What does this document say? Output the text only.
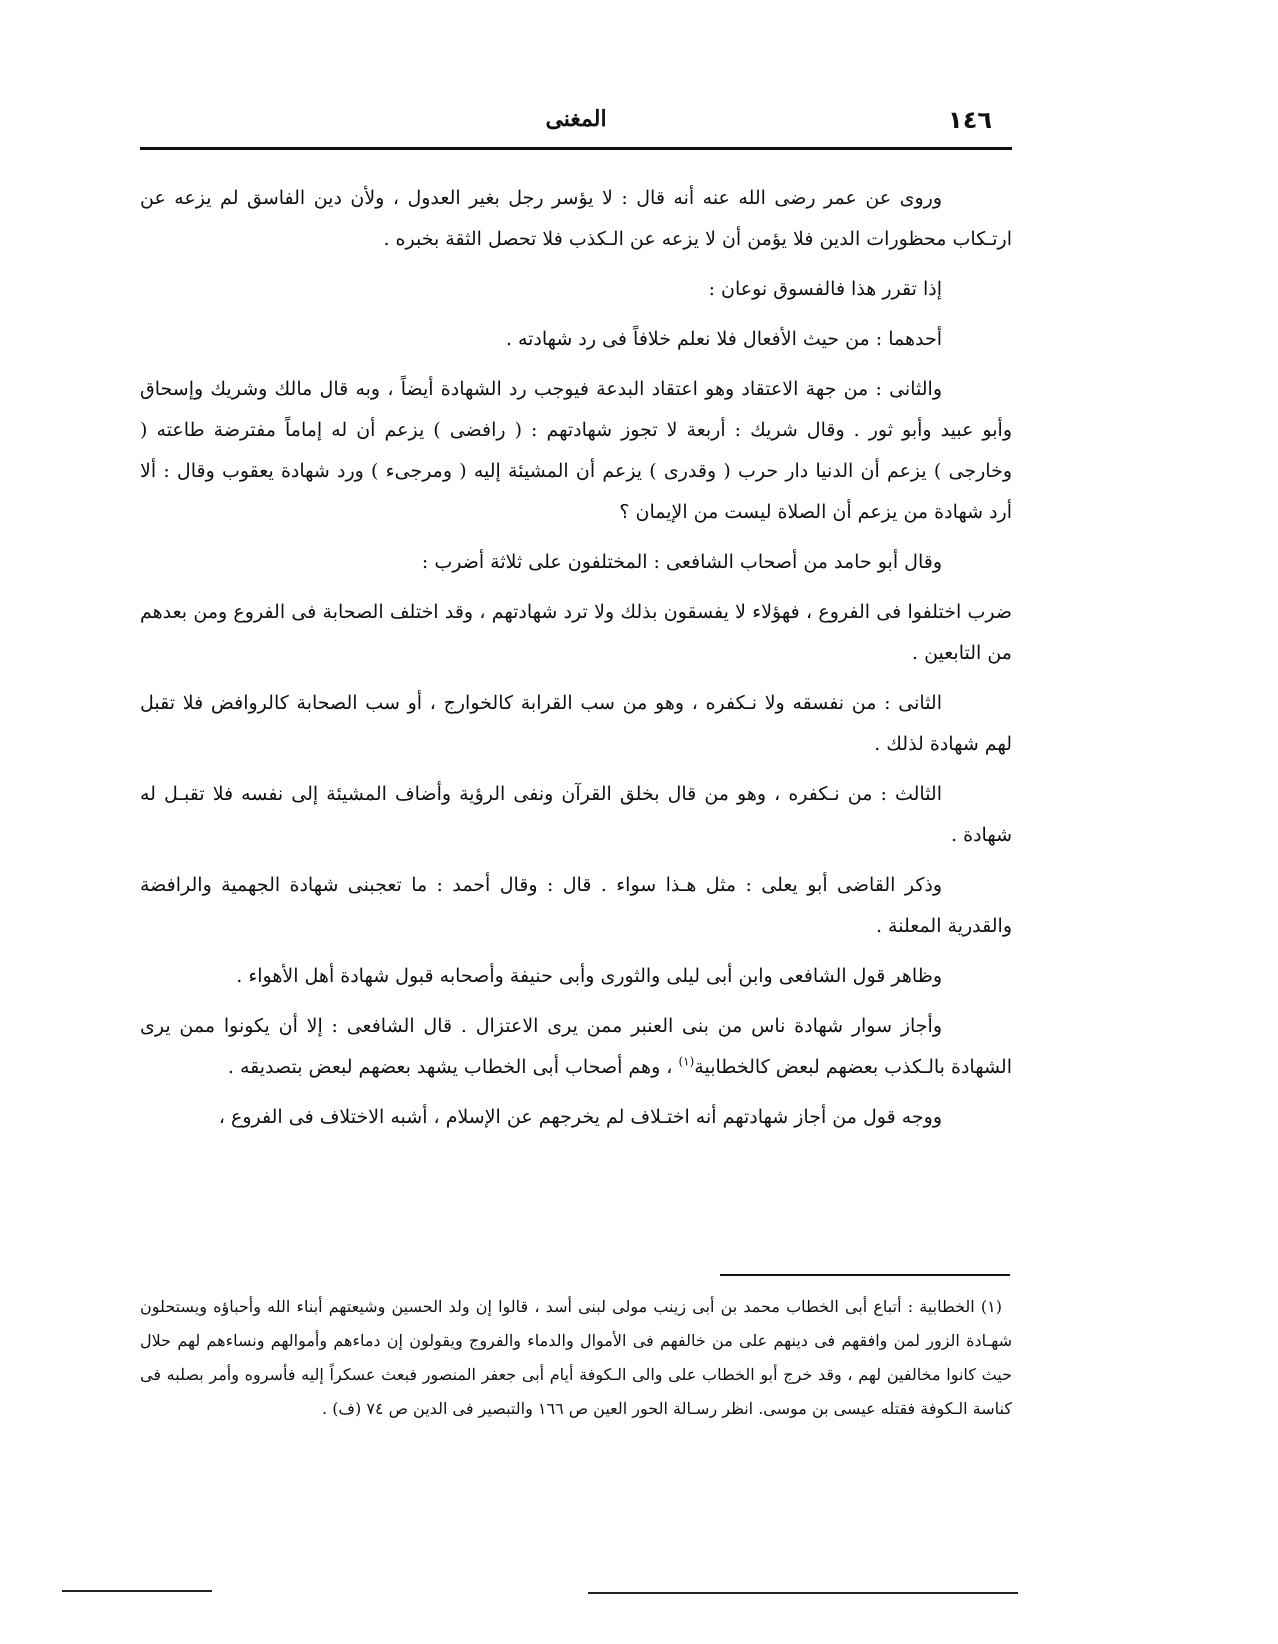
١٤٦
المغنى

وروى عن عمر رضى الله عنه أنه قال : لا يؤسر رجل بغير العدول ، ولأن دين الفاسق لم يزعه عن ارتـكاب محظورات الدين فلا يؤمن أن لا يزعه عن الـكذب فلا تحصل الثقة بخبره .

إذا تقرر هذا فالفسوق نوعان :

أحدهما : من حيث الأفعال فلا نعلم خلافاً فى رد شهادته .

والثانى : من جهة الاعتقاد وهو اعتقاد البدعة فيوجب رد الشهادة أيضاً ، وبه قال مالك وشريك وإسحاق وأبو عبيد وأبو ثور . وقال شريك : أربعة لا تجوز شهادتهم : ( رافضى ) يزعم أن له إماماً مفترضة طاعته ( وخارجى ) يزعم أن الدنيا دار حرب ( وقدرى ) يزعم أن المشيئة إليه ( ومرجىء ) ورد شهادة يعقوب وقال : ألا أرد شهادة من يزعم أن الصلاة ليست من الإيمان ؟

وقال أبو حامد من أصحاب الشافعى : المختلفون على ثلاثة أضرب :

ضرب اختلفوا فى الفروع ، فهؤلاء لا يفسقون بذلك ولا ترد شهادتهم ، وقد اختلف الصحابة فى الفروع ومن بعدهم من التابعين .

الثانى : من نفسقه ولا نـكفره ، وهو من سب القرابة كالخوارج ، أو سب الصحابة كالروافض فلا تقبل لهم شهادة لذلك .

الثالث : من نـكفره ، وهو من قال بخلق القرآن ونفى الرؤية وأضاف المشيئة إلى نفسه فلا تقبـل له شهادة .

وذكر القاضى أبو يعلى : مثل هـذا سواء . قال : وقال أحمد : ما تعجبنى شهادة الجهمية والرافضة والقدرية المعلنة .

وظاهر قول الشافعى وابن أبى ليلى والثورى وأبى حنيفة وأصحابه قبول شهادة أهل الأهواء .

وأجاز سوار شهادة ناس من بنى العنبر ممن يرى الاعتزال . قال الشافعى : إلا أن يكونوا ممن يرى الشهادة بالـكذب بعضهم لبعض كالخطابية$^{(١)}$ ، وهم أصحاب أبى الخطاب يشهد بعضهم لبعض بتصديقه .

ووجه قول من أجاز شهادتهم أنه اختـلاف لم يخرجهم عن الإسلام ، أشبه الاختلاف فى الفروع ،

(١) الخطابية : أتباع أبى الخطاب محمد بن أبى زينب مولى لبنى أسد ، قالوا إن ولد الحسين وشيعتهم أبناء الله وأحباؤه ويستحلون شهـادة الزور لمن وافقهم فى دينهم على من خالفهم فى الأموال والدماء والفروج ويقولون إن دماءهم وأموالهم ونساءهم لهم حلال حيث كانوا مخالفين لهم ، وقد خرج أبو الخطاب على والى الـكوفة أيام أبى جعفر المنصور فبعث عسكراً إليه فأسروه وأمر بصلبه فى كناسة الـكوفة فقتله عيسى بن موسى. انظر رسـالة الحور العين ص ١٦٦ والتبصير فى الدين ص ٧٤ (ف) .
